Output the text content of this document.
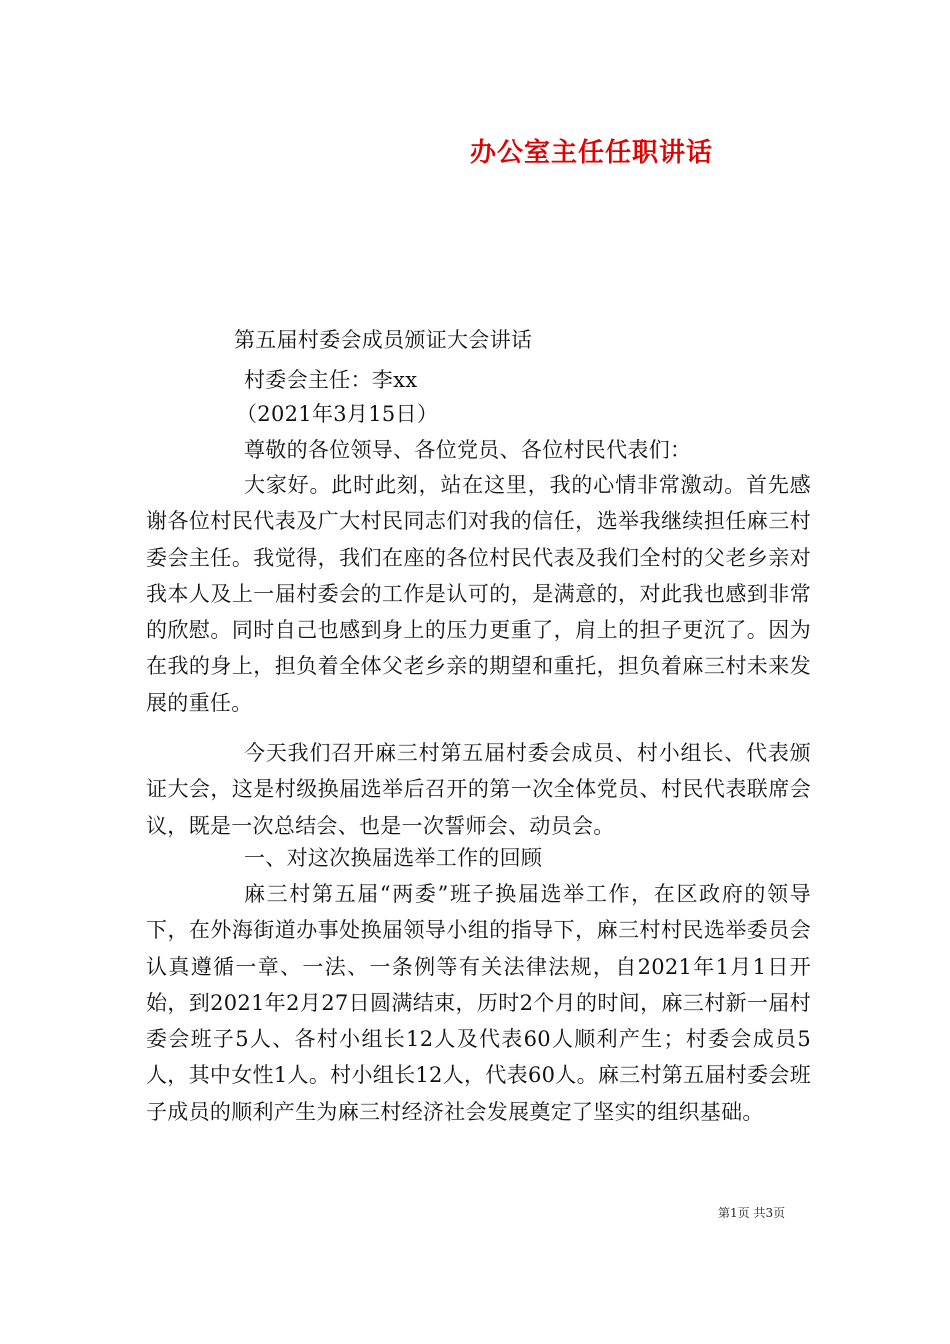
办公室主任任职讲话
第五届村委会成员颁证大会讲话
村委会主任：李xx
（2021年3月15日）
尊敬的各位领导、各位党员、各位村民代表们：

大家好。此时此刻，站在这里，我的心情非常激动。首先感谢各位村民代表及广大村民同志们对我的信任，选举我继续担任麻三村委会主任。我觉得，我们在座的各位村民代表及我们全村的父老乡亲对我本人及上一届村委会的工作是认可的，是满意的，对此我也感到非常的欣慰。同时自己也感到身上的压力更重了，肩上的担子更沉了。因为在我的身上，担负着全体父老乡亲的期望和重托，担负着麻三村未来发展的重任。

今天我们召开麻三村第五届村委会成员、村小组长、代表颁证大会，这是村级换届选举后召开的第一次全体党员、村民代表联席会议，既是一次总结会、也是一次誓师会、动员会。

一、对这次换届选举工作的回顾

麻三村第五届“两委”班子换届选举工作，在区政府的领导下，在外海街道办事处换届领导小组的指导下，麻三村村民选举委员会认真遵循一章、一法、一条例等有关法律法规，自2021年1月1日开始，到2021年2月27日圆满结束，历时2个月的时间，麻三村新一届村委会班子5人、各村小组长12人及代表60人顺利产生；村委会成员5人，其中女性1人。村小组长12人，代表60人。麻三村第五届村委会班子成员的顺利产生为麻三村经济社会发展奠定了坚实的组织基础。

第1页 共3页
